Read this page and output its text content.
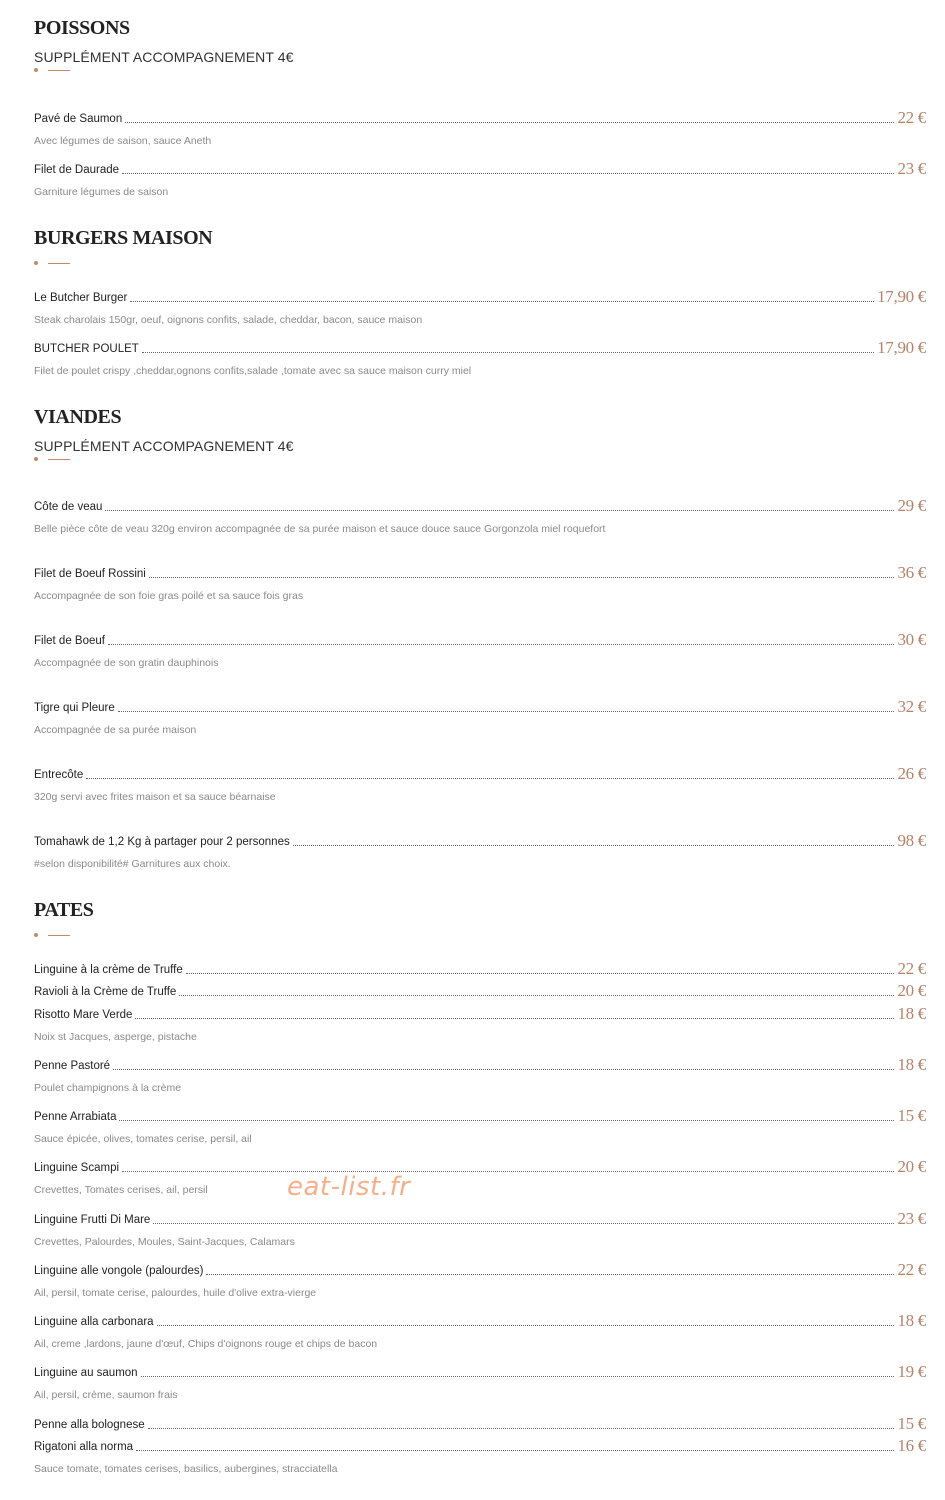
POISSONS
SUPPLÉMENT ACCOMPAGNEMENT 4€
Pavé de Saumon	22 €
Avec légumes de saison, sauce Aneth
Filet de Daurade	23 €
Garniture légumes de saison
BURGERS MAISON
Le Butcher Burger	17,90 €
Steak charolais 150gr, oeuf, oignons confits, salade, cheddar, bacon, sauce maison
BUTCHER POULET	17,90 €
Filet de poulet crispy ,cheddar,ognons confits,salade ,tomate avec sa sauce maison curry miel
VIANDES
SUPPLÉMENT ACCOMPAGNEMENT 4€
Côte de veau	29 €
Belle pièce côte de veau 320g environ accompagnée de sa purée maison et sauce douce sauce Gorgonzola miel roquefort
Filet de Boeuf Rossini	36 €
Accompagnée de son foie gras poilé et sa sauce fois gras
Filet de Boeuf	30 €
Accompagnée de son gratin dauphinois
Tigre qui Pleure	32 €
Accompagnée de sa purée maison
Entrecôte	26 €
320g servi avec frites maison et sa sauce béarnaise
Tomahawk de 1,2 Kg à partager pour 2 personnes	98 €
#selon disponibilité# Garnitures aux choix.
PATES
Linguine à la crème de Truffe	22 €
Ravioli à la Crème de Truffe	20 €
Risotto Mare Verde	18 €
Noix st Jacques, asperge, pistache
Penne Pastoré	18 €
Poulet champignons à la crème
Penne Arrabiata	15 €
Sauce épicée, olives, tomates cerise, persil, ail
Linguine Scampi	20 €
Crevettes, Tomates cerises, ail, persil
Linguine Frutti Di Mare	23 €
Crevettes, Palourdes, Moules, Saint-Jacques, Calamars
Linguine alle vongole (palourdes)	22 €
Ail, persil, tomate cerise, palourdes, huile d'olive extra-vierge
Linguine alla carbonara	18 €
Ail, creme ,lardons, jaune d'œuf, Chips d'oignons rouge et chips de bacon
Linguine au saumon	19 €
Ail, persil, crème, saumon frais
Penne alla bolognese	15 €
Rigatoni alla norma	16 €
Sauce tomate, tomates cerises, basilics, aubergines, stracciatella
eat-list.fr
